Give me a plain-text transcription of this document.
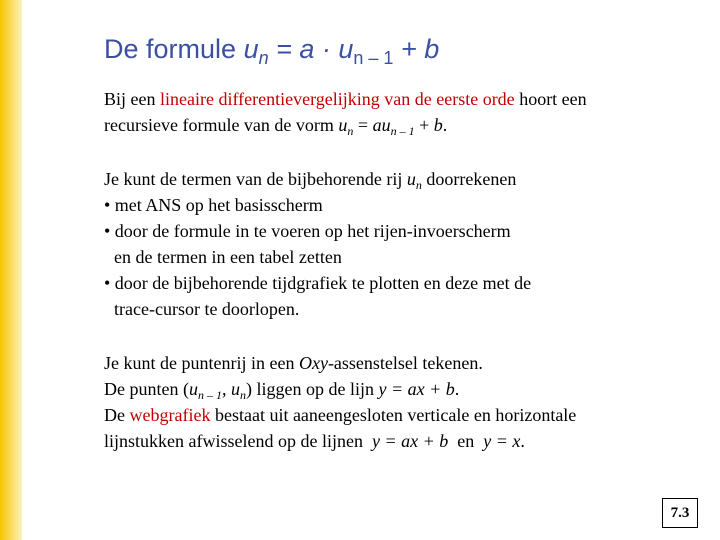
De formule $u_n = a \cdot u_{n - 1} + b$
Bij een lineaire differentievergelijking van de eerste orde hoort een
recursieve formule van de vorm $u_n = au_{n - 1} + b$.
Je kunt de termen van de bijbehorende rij $u_n$ doorrekenen
• met ANS op het basisscherm
• door de formule in te voeren op het rijen-invoerscherm
en de termen in een tabel zetten
• door de bijbehorende tijdgrafiek te plotten en deze met de
trace-cursor te doorlopen.
Je kunt de puntenrij in een Oxy-assenstelsel tekenen.
De punten ($u_{n - 1}$, $u_n$) liggen op de lijn y = ax + b.
De webgrafiek bestaat uit aaneengesloten verticale en horizontale
lijnstukken afwisselend op de lijnen  y = ax + b  en  y = x.
7.3
